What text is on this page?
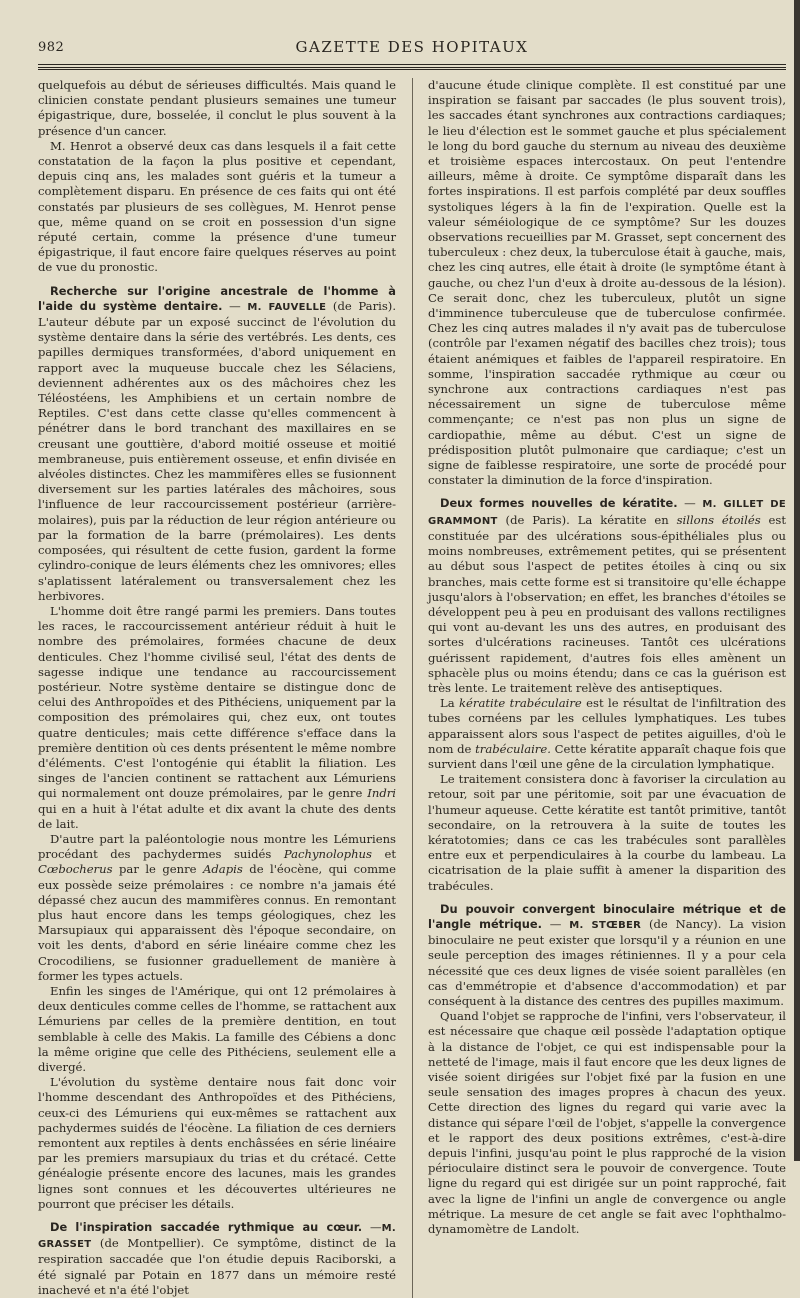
982	GAZETTE DES HOPITAUX

quelquefois au début de sérieuses difficultés. Mais quand le clinicien constate pendant plusieurs semaines une tumeur épigastrique, dure, bosselée, il conclut le plus souvent à la présence d'un cancer.

M. Henrot a observé deux cas dans lesquels il a fait cette constatation de la façon la plus positive et cependant, depuis cinq ans, les malades sont guéris et la tumeur a complètement disparu. En présence de ces faits qui ont été constatés par plusieurs de ses collègues, M. Henrot pense que, même quand on se croit en possession d'un signe réputé certain, comme la présence d'une tumeur épigastrique, il faut encore faire quelques réserves au point de vue du pronostic.

Recherche sur l'origine ancestrale de l'homme à l'aide du système dentaire. — M. FAUVELLE (de Paris). L'auteur débute par un exposé succinct de l'évolution du système dentaire dans la série des vertébrés. Les dents, ces papilles dermiques transformées, d'abord uniquement en rapport avec la muqueuse buccale chez les Sélaciens, deviennent adhérentes aux os des mâchoires chez les Téléostéens, les Amphibiens et un certain nombre de Reptiles. C'est dans cette classe qu'elles commencent à pénétrer dans le bord tranchant des maxillaires en se creusant une gouttière, d'abord moitié osseuse et moitié membraneuse, puis entièrement osseuse, et enfin divisée en alvéoles distinctes. Chez les mammifères elles se fusionnent diversement sur les parties latérales des mâchoires, sous l'influence de leur raccourcissement postérieur (arrière-molaires), puis par la réduction de leur région antérieure ou par la formation de la barre (prémolaires). Les dents composées, qui résultent de cette fusion, gardent la forme cylindro-conique de leurs éléments chez les omnivores; elles s'aplatissent latéralement ou transversalement chez les herbivores.

L'homme doit être rangé parmi les premiers. Dans toutes les races, le raccourcissement antérieur réduit à huit le nombre des prémolaires, formées chacune de deux denticules. Chez l'homme civilisé seul, l'état des dents de sagesse indique une tendance au raccourcissement postérieur. Notre système dentaire se distingue donc de celui des Anthropoïdes et des Pithéciens, uniquement par la composition des prémolaires qui, chez eux, ont toutes quatre denticules; mais cette différence s'efface dans la première dentition où ces dents présentent le même nombre d'éléments. C'est l'ontogénie qui établit la filiation. Les singes de l'ancien continent se rattachent aux Lémuriens qui normalement ont douze prémolaires, par le genre Indri qui en a huit à l'état adulte et dix avant la chute des dents de lait.

D'autre part la paléontologie nous montre les Lémuriens procédant des pachydermes suidés Pachynolophus et Cœbocherus par le genre Adapis de l'éocène, qui comme eux possède seize prémolaires : ce nombre n'a jamais été dépassé chez aucun des mammifères connus. En remontant plus haut encore dans les temps géologiques, chez les Marsupiaux qui apparaissent dès l'époque secondaire, on voit les dents, d'abord en série linéaire comme chez les Crocodiliens, se fusionner graduellement de manière à former les types actuels.

Enfin les singes de l'Amérique, qui ont 12 prémolaires à deux denticules comme celles de l'homme, se rattachent aux Lémuriens par celles de la première dentition, en tout semblable à celle des Makis. La famille des Cébiens a donc la même origine que celle des Pithéciens, seulement elle a divergé.

L'évolution du système dentaire nous fait donc voir l'homme descendant des Anthropoïdes et des Pithéciens, ceux-ci des Lémuriens qui eux-mêmes se rattachent aux pachydermes suidés de l'éocène. La filiation de ces derniers remontent aux reptiles à dents enchâssées en série linéaire par les premiers marsupiaux du trias et du crétacé. Cette généalogie présente encore des lacunes, mais les grandes lignes sont connues et les découvertes ultérieures ne pourront que préciser les détails.

De l'inspiration saccadée rythmique au cœur. —M. GRASSET (de Montpellier). Ce symptôme, distinct de la respiration saccadée que l'on étudie depuis Raciborski, a été signalé par Potain en 1877 dans un mémoire resté inachevé et n'a été l'objet

d'aucune étude clinique complète. Il est constitué par une inspiration se faisant par saccades (le plus souvent trois), les saccades étant synchrones aux contractions cardiaques; le lieu d'élection est le sommet gauche et plus spécialement le long du bord gauche du sternum au niveau des deuxième et troisième espaces intercostaux. On peut l'entendre ailleurs, même à droite. Ce symptôme disparaît dans les fortes inspirations. Il est parfois complété par deux souffles systoliques légers à la fin de l'expiration. Quelle est la valeur séméiologique de ce symptôme? Sur les douzes observations recueillies par M. Grasset, sept concernent des tuberculeux : chez deux, la tuberculose était à gauche, mais, chez les cinq autres, elle était à droite (le symptôme étant à gauche, ou chez l'un d'eux à droite au-dessous de la lésion). Ce serait donc, chez les tuberculeux, plutôt un signe d'imminence tuberculeuse que de tuberculose confirmée. Chez les cinq autres malades il n'y avait pas de tuberculose (contrôle par l'examen négatif des bacilles chez trois); tous étaient anémiques et faibles de l'appareil respiratoire. En somme, l'inspiration saccadée rythmique au cœur ou synchrone aux contractions cardiaques n'est pas nécessairement un signe de tuberculose même commençante; ce n'est pas non plus un signe de cardiopathie, même au début. C'est un signe de prédisposition plutôt pulmonaire que cardiaque; c'est un signe de faiblesse respiratoire, une sorte de procédé pour constater la diminution de la force d'inspiration.

Deux formes nouvelles de kératite. — M. GILLET DE GRAMMONT (de Paris). La kératite en sillons étoilés est constituée par des ulcérations sous-épithéliales plus ou moins nombreuses, extrêmement petites, qui se présentent au début sous l'aspect de petites étoiles à cinq ou six branches, mais cette forme est si transitoire qu'elle échappe jusqu'alors à l'observation; en effet, les branches d'étoiles se développent peu à peu en produisant des vallons rectilignes qui vont au-devant les uns des autres, en produisant des sortes d'ulcérations racineuses. Tantôt ces ulcérations guérissent rapidement, d'autres fois elles amènent un sphacèle plus ou moins étendu; dans ce cas la guérison est très lente. Le traitement relève des antiseptiques.

La kératite trabéculaire est le résultat de l'infiltration des tubes cornéens par les cellules lymphatiques. Les tubes apparaissent alors sous l'aspect de petites aiguilles, d'où le nom de trabéculaire. Cette kératite apparaît chaque fois que survient dans l'œil une gêne de la circulation lymphatique.

Le traitement consistera donc à favoriser la circulation au retour, soit par une péritomie, soit par une évacuation de l'humeur aqueuse. Cette kératite est tantôt primitive, tantôt secondaire, on la retrouvera à la suite de toutes les kératotomies; dans ce cas les trabécules sont parallèles entre eux et perpendiculaires à la courbe du lambeau. La cicatrisation de la plaie suffit à amener la disparition des trabécules.

Du pouvoir convergent binoculaire métrique et de l'angle métrique. — M. STŒBER (de Nancy). La vision binoculaire ne peut exister que lorsqu'il y a réunion en une seule perception des images rétiniennes. Il y a pour cela nécessité que ces deux lignes de visée soient parallèles (en cas d'emmétropie et d'absence d'accommodation) et par conséquent à la distance des centres des pupilles maximum.

Quand l'objet se rapproche de l'infini, vers l'observateur, il est nécessaire que chaque œil possède l'adaptation optique à la distance de l'objet, ce qui est indispensable pour la netteté de l'image, mais il faut encore que les deux lignes de visée soient dirigées sur l'objet fixé par la fusion en une seule sensation des images propres à chacun des yeux. Cette direction des lignes du regard qui varie avec la distance qui sépare l'œil de l'objet, s'appelle la convergence et le rapport des deux positions extrêmes, c'est-à-dire depuis l'infini, jusqu'au point le plus rapproché de la vision périoculaire distinct sera le pouvoir de convergence. Toute ligne du regard qui est dirigée sur un point rapproché, fait avec la ligne de l'infini un angle de convergence ou angle métrique. La mesure de cet angle se fait avec l'ophthalmo-dynamomètre de Landolt.
